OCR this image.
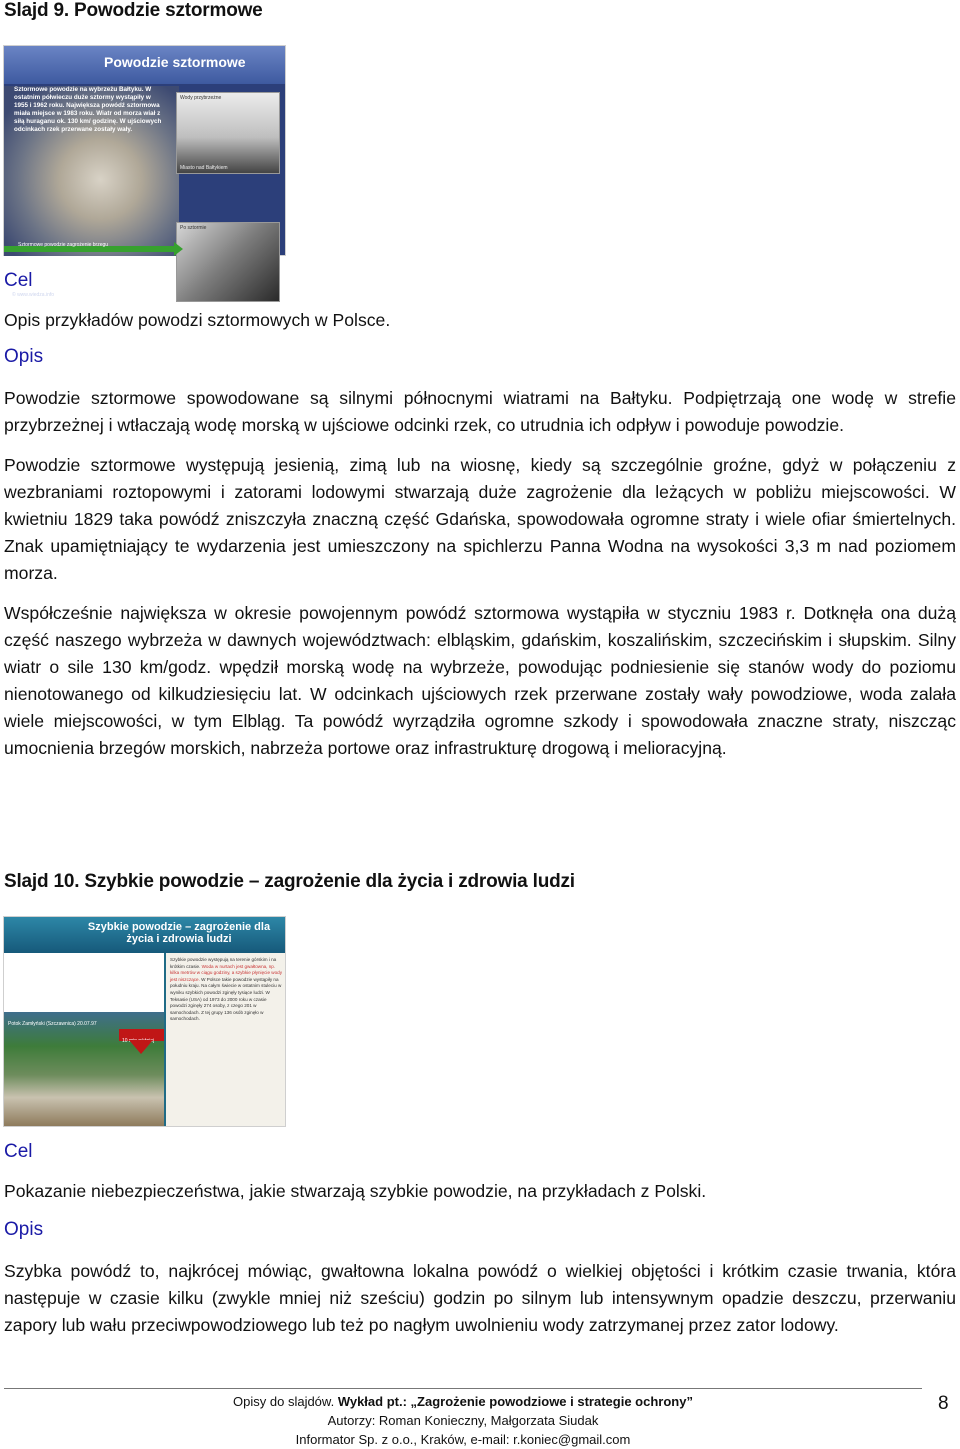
Slajd 9. Powodzie sztormowe
Powodzie sztormowe
Sztormowe powodzie na wybrzeżu Bałtyku. W ostatnim półwieczu duże sztormy wystąpiły w 1955 i 1962 roku. Największa powódź sztormowa miała miejsce w 1983 roku. Wiatr od morza wiał z siłą huraganu ok. 130 km/ godzinę. W ujściowych odcinkach rzek przerwane zostały wały.
Wody przybrzeżne
Miasto nad Bałtykiem
Po sztormie
Sztormowe powodzie zagrożenie brzegu
© www.wiedza.info
Cel
Opis przykładów powodzi sztormowych w Polsce.
Opis

Powodzie sztormowe spowodowane są silnymi północnymi wiatrami na Bałtyku. Podpiętrzają one wodę w strefie przybrzeżnej i wtłaczają wodę morską w ujściowe odcinki rzek, co utrudnia ich odpływ i powoduje powodzie.

Powodzie sztormowe występują jesienią, zimą lub na wiosnę, kiedy są szczególnie groźne, gdyż w połączeniu z wezbraniami roztopowymi i zatorami lodowymi stwarzają duże zagrożenie dla leżących w pobliżu miejscowości. W kwietniu 1829 taka powódź zniszczyła znaczną część Gdańska, spowodowała ogromne straty i wiele ofiar śmiertelnych. Znak upamiętniający te wydarzenia jest umieszczony na spichlerzu Panna Wodna na wysokości 3,3 m nad poziomem morza.

Współcześnie największa w okresie powojennym powódź sztormowa wystąpiła w styczniu 1983 r. Dotknęła ona dużą część naszego wybrzeża w dawnych województwach: elbląskim, gdańskim, koszalińskim, szczecińskim i słupskim. Silny wiatr o sile 130 km/godz. wpędził morską wodę na wybrzeże, powodując podniesienie się stanów wody do poziomu nienotowanego od kilkudziesięciu lat. W odcinkach ujściowych rzek przerwane zostały wały powodziowe, woda zalała wiele miejscowości, w tym Elbląg. Ta powódź wyrządziła ogromne szkody i spowodowała znaczne straty, niszcząc umocnienia brzegów morskich, nabrzeża portowe oraz infrastrukturę drogową i melioracyjną.

Slajd 10. Szybkie powodzie – zagrożenie dla życia i zdrowia ludzi
Szybkie powodzie – zagrożenie dla życia i zdrowia ludzi
Potok Zamłyński (Szczawnica) 20.07.97
10 min później
Szybkie powodzie występują na terenie górskim i na krótkim czasie. Woda w nurtach jest gwałtowna, np. kilka metrów w ciągu godziny, a szybkie płynięcie wody jest niszczące. W Polsce takie powodzie wystąpiły na południu kraju. Na całym świecie w ostatnim stuleciu w wyniku szybkich powodzi zginęły tysiące ludzi. W Teksasie (USA) od 1973 do 2000 roku w czasie powodzi zginęły 274 osoby, z czego 201 w samochodach. Z tej grupy 136 osób zginęło w samochodach.
Cel
Pokazanie niebezpieczeństwa, jakie stwarzają szybkie powodzie, na przykładach z Polski.
Opis

Szybka powódź to, najkrócej mówiąc, gwałtowna lokalna powódź o wielkiej objętości i krótkim czasie trwania, która następuje w czasie kilku (zwykle mniej niż sześciu) godzin po silnym lub intensywnym opadzie deszczu, przerwaniu zapory lub wału przeciwpowodziowego lub też po nagłym uwolnieniu wody zatrzymanej przez zator lodowy.

Opisy do slajdów. Wykład pt.: „Zagrożenie powodziowe i strategie ochrony”
Autorzy: Roman Konieczny, Małgorzata Siudak
Informator Sp. z o.o., Kraków, e-mail: r.koniec@gmail.com
8
